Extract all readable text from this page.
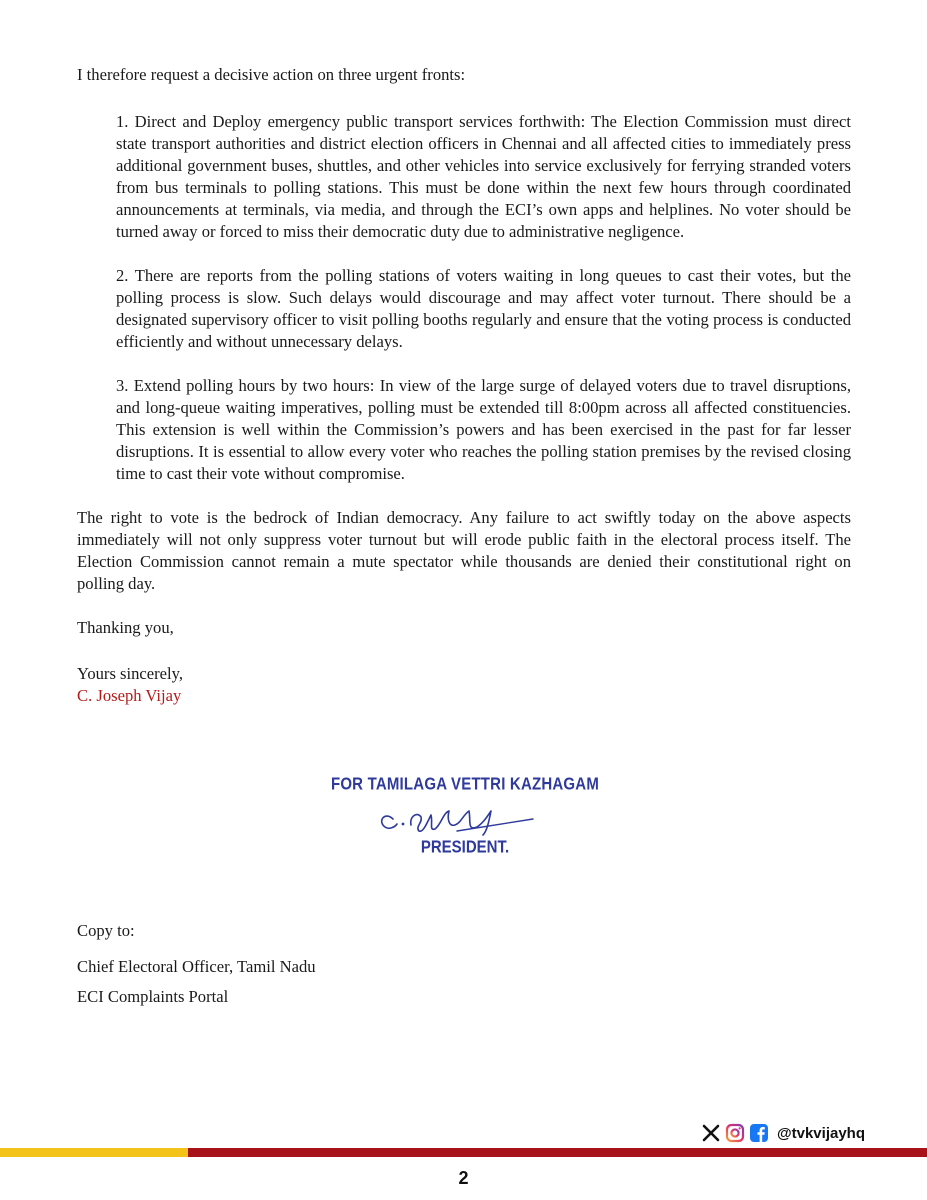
I therefore request a decisive action on three urgent fronts:

1. Direct and Deploy emergency public transport services forthwith: The Election Commission must direct state transport authorities and district election officers in Chennai and all affected cities to immediately press additional government buses, shuttles, and other vehicles into service exclusively for ferrying stranded voters from bus terminals to polling stations. This must be done within the next few hours through coordinated announcements at terminals, via media, and through the ECI’s own apps and helplines. No voter should be turned away or forced to miss their democratic duty due to administrative negligence.

2. There are reports from the polling stations of voters waiting in long queues to cast their votes, but the polling process is slow. Such delays would discourage and may affect voter turnout. There should be a designated supervisory officer to visit polling booths regularly and ensure that the voting process is conducted efficiently and without unnecessary delays.

3. Extend polling hours by two hours: In view of the large surge of delayed voters due to travel disruptions, and long-queue waiting imperatives, polling must be extended till 8:00pm across all affected constituencies. This extension is well within the Commission’s powers and has been exercised in the past for far lesser disruptions. It is essential to allow every voter who reaches the polling station premises by the revised closing time to cast their vote without compromise.

The right to vote is the bedrock of Indian democracy. Any failure to act swiftly today on the above aspects immediately will not only suppress voter turnout but will erode public faith in the electoral process itself. The Election Commission cannot remain a mute spectator while thousands are denied their constitutional right on polling day.

Thanking you,

Yours sincerely,

C. Joseph Vijay

FOR TAMILAGA VETTRI KAZHAGAM
PRESIDENT.

Copy to:

Chief Electoral Officer, Tamil Nadu

ECI Complaints Portal

@tvkvijayhq
2
